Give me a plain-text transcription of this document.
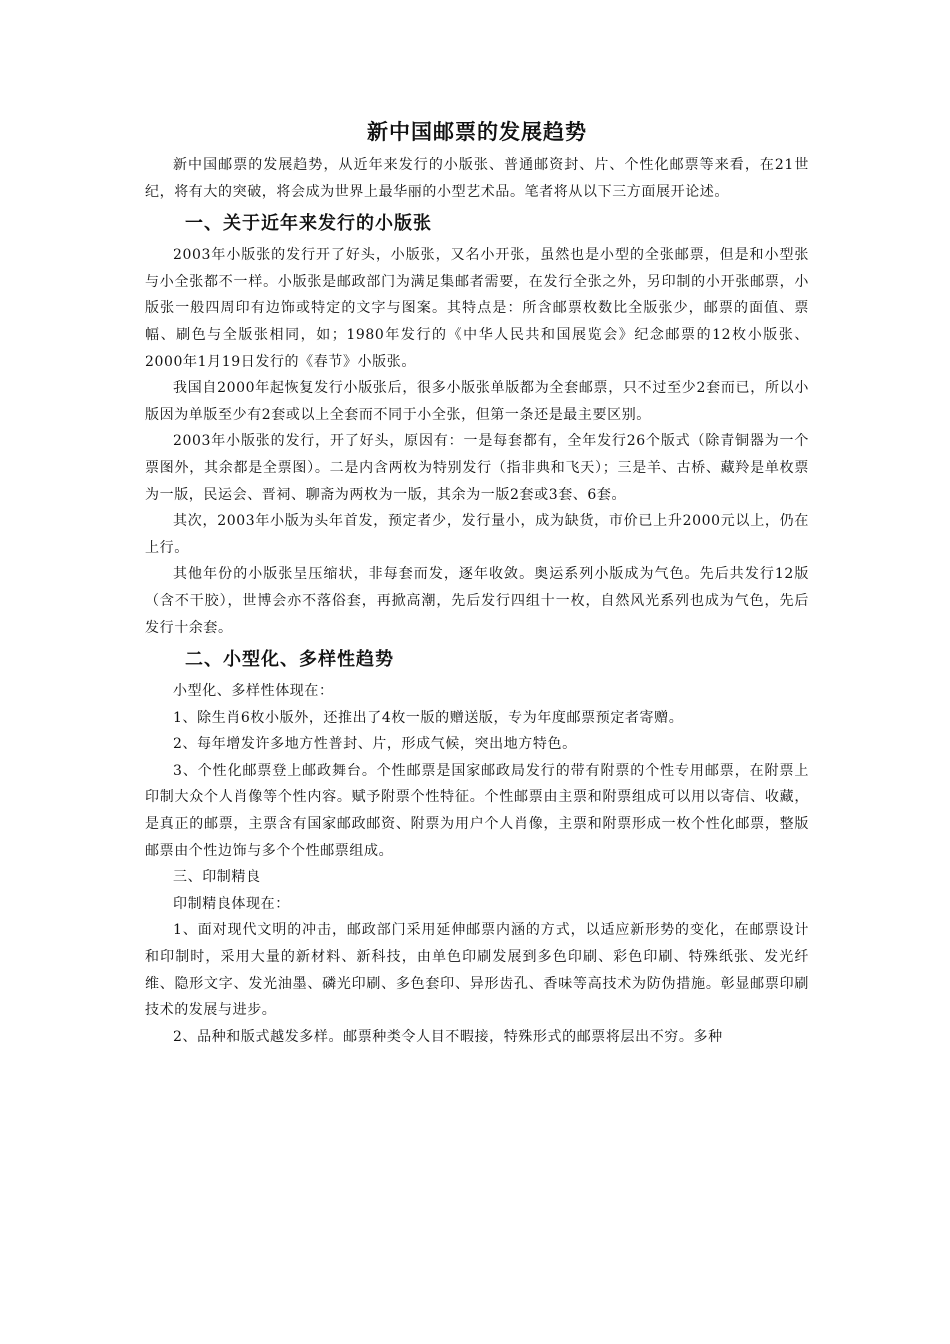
新中国邮票的发展趋势

新中国邮票的发展趋势，从近年来发行的小版张、普通邮资封、片、个性化邮票等来看，在21世纪，将有大的突破，将会成为世界上最华丽的小型艺术品。笔者将从以下三方面展开论述。

一、关于近年来发行的小版张

2003年小版张的发行开了好头，小版张，又名小开张，虽然也是小型的全张邮票，但是和小型张与小全张都不一样。小版张是邮政部门为满足集邮者需要，在发行全张之外，另印制的小开张邮票，小版张一般四周印有边饰或特定的文字与图案。其特点是：所含邮票枚数比全版张少，邮票的面值、票幅、刷色与全版张相同，如；1980年发行的《中华人民共和国展览会》纪念邮票的12枚小版张、2000年1月19日发行的《春节》小版张。

我国自2000年起恢复发行小版张后，很多小版张单版都为全套邮票，只不过至少2套而已，所以小版因为单版至少有2套或以上全套而不同于小全张，但第一条还是最主要区别。

2003年小版张的发行，开了好头，原因有：一是每套都有，全年发行26个版式（除青铜器为一个票图外，其余都是全票图）。二是内含两枚为特别发行（指非典和飞天）；三是羊、古桥、藏羚是单枚票为一版，民运会、晋祠、聊斋为两枚为一版，其余为一版2套或3套、6套。

其次，2003年小版为头年首发，预定者少，发行量小，成为缺货，市价已上升2000元以上，仍在上行。

其他年份的小版张呈压缩状，非每套而发，逐年收敛。奥运系列小版成为气色。先后共发行12版（含不干胶），世博会亦不落俗套，再掀高潮，先后发行四组十一枚，自然风光系列也成为气色，先后发行十余套。

二、小型化、多样性趋势

小型化、多样性体现在：

1、除生肖6枚小版外，还推出了4枚一版的赠送版，专为年度邮票预定者寄赠。

2、每年增发许多地方性普封、片，形成气候，突出地方特色。

3、个性化邮票登上邮政舞台。个性邮票是国家邮政局发行的带有附票的个性专用邮票，在附票上印制大众个人肖像等个性内容。赋予附票个性特征。个性邮票由主票和附票组成可以用以寄信、收藏，是真正的邮票，主票含有国家邮政邮资、附票为用户个人肖像，主票和附票形成一枚个性化邮票，整版邮票由个性边饰与多个个性邮票组成。

三、印制精良

印制精良体现在：

1、面对现代文明的冲击，邮政部门采用延伸邮票内涵的方式，以适应新形势的变化，在邮票设计和印制时，采用大量的新材料、新科技，由单色印刷发展到多色印刷、彩色印刷、特殊纸张、发光纤维、隐形文字、发光油墨、磷光印刷、多色套印、异形齿孔、香味等高技术为防伪措施。彰显邮票印刷技术的发展与进步。

2、品种和版式越发多样。邮票种类令人目不暇接，特殊形式的邮票将层出不穷。多种
